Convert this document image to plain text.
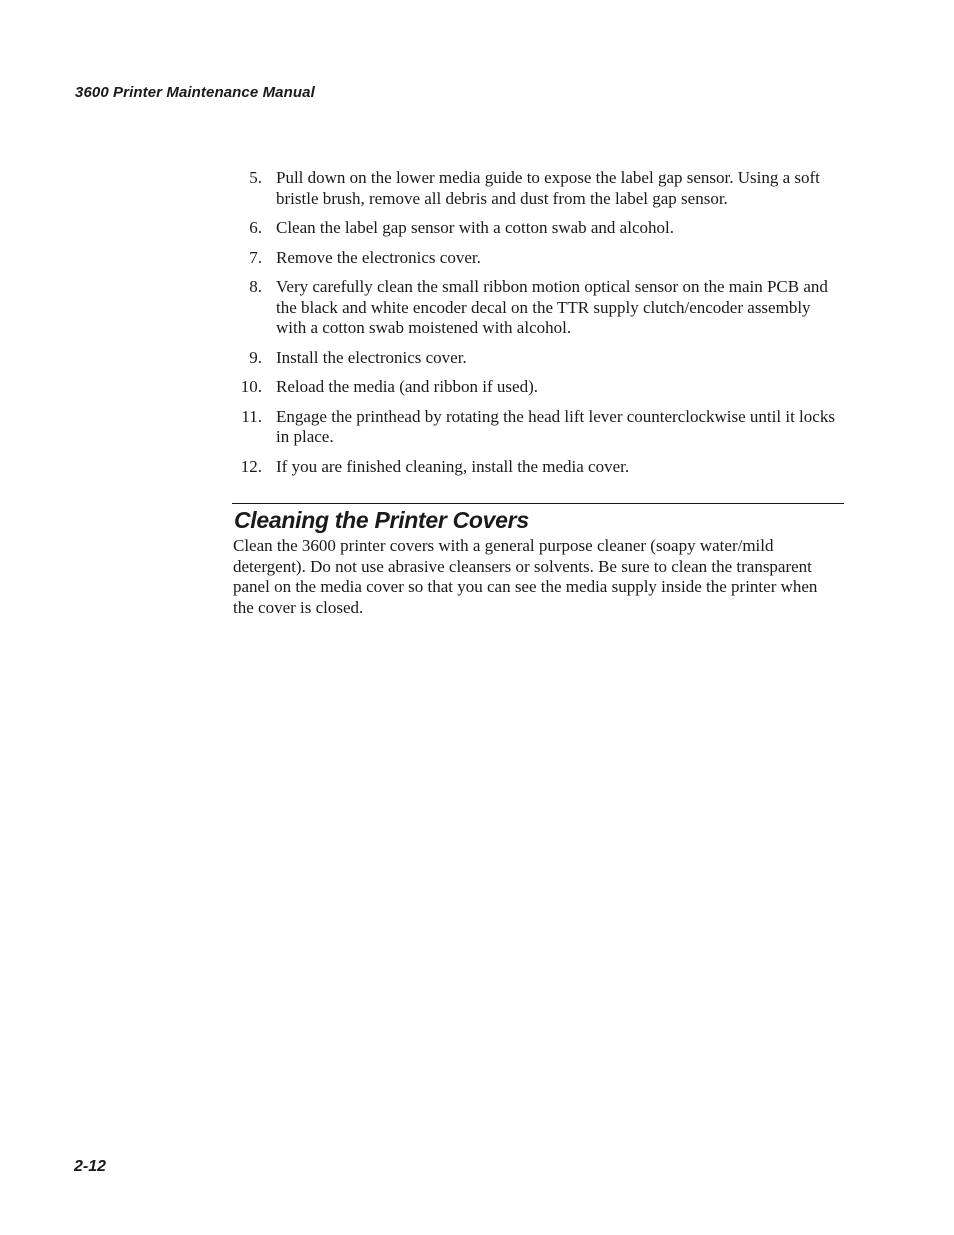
3600 Printer Maintenance Manual
5. Pull down on the lower media guide to expose the label gap sensor. Using a soft bristle brush, remove all debris and dust from the label gap sensor.
6. Clean the label gap sensor with a cotton swab and alcohol.
7. Remove the electronics cover.
8. Very carefully clean the small ribbon motion optical sensor on the main PCB and the black and white encoder decal on the TTR supply clutch/encoder assembly with a cotton swab moistened with alcohol.
9. Install the electronics cover.
10. Reload the media (and ribbon if used).
11. Engage the printhead by rotating the head lift lever counterclockwise until it locks in place.
12. If you are finished cleaning, install the media cover.
Cleaning the Printer Covers

Clean the 3600 printer covers with a general purpose cleaner (soapy water/mild detergent). Do not use abrasive cleansers or solvents. Be sure to clean the transparent panel on the media cover so that you can see the media supply inside the printer when the cover is closed.

2-12
